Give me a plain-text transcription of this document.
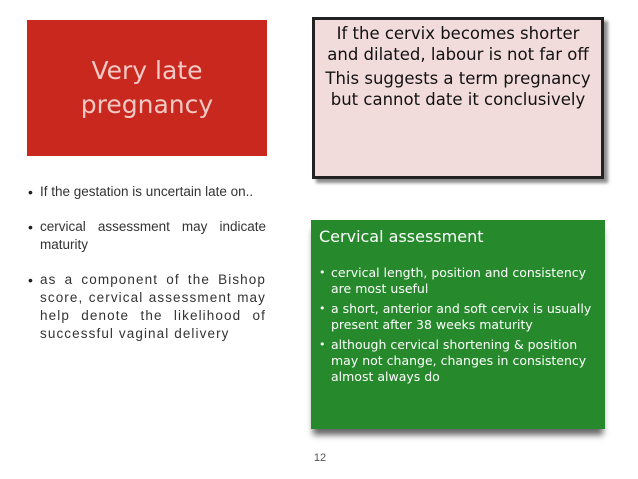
Very late pregnancy

If the cervix becomes shorter and dilated, labour is not far off

This suggests a term pregnancy but cannot date it conclusively

• If the gestation is uncertain late on..
• cervical assessment may indicate maturity
• as a component of the Bishop score, cervical assessment may help denote the likelihood of successful vaginal delivery
Cervical assessment
• cervical length, position and consistency are most useful
• a short, anterior and soft cervix is usually present after 38 weeks maturity
• although cervical shortening & position may not change, changes in consistency almost always do
12
